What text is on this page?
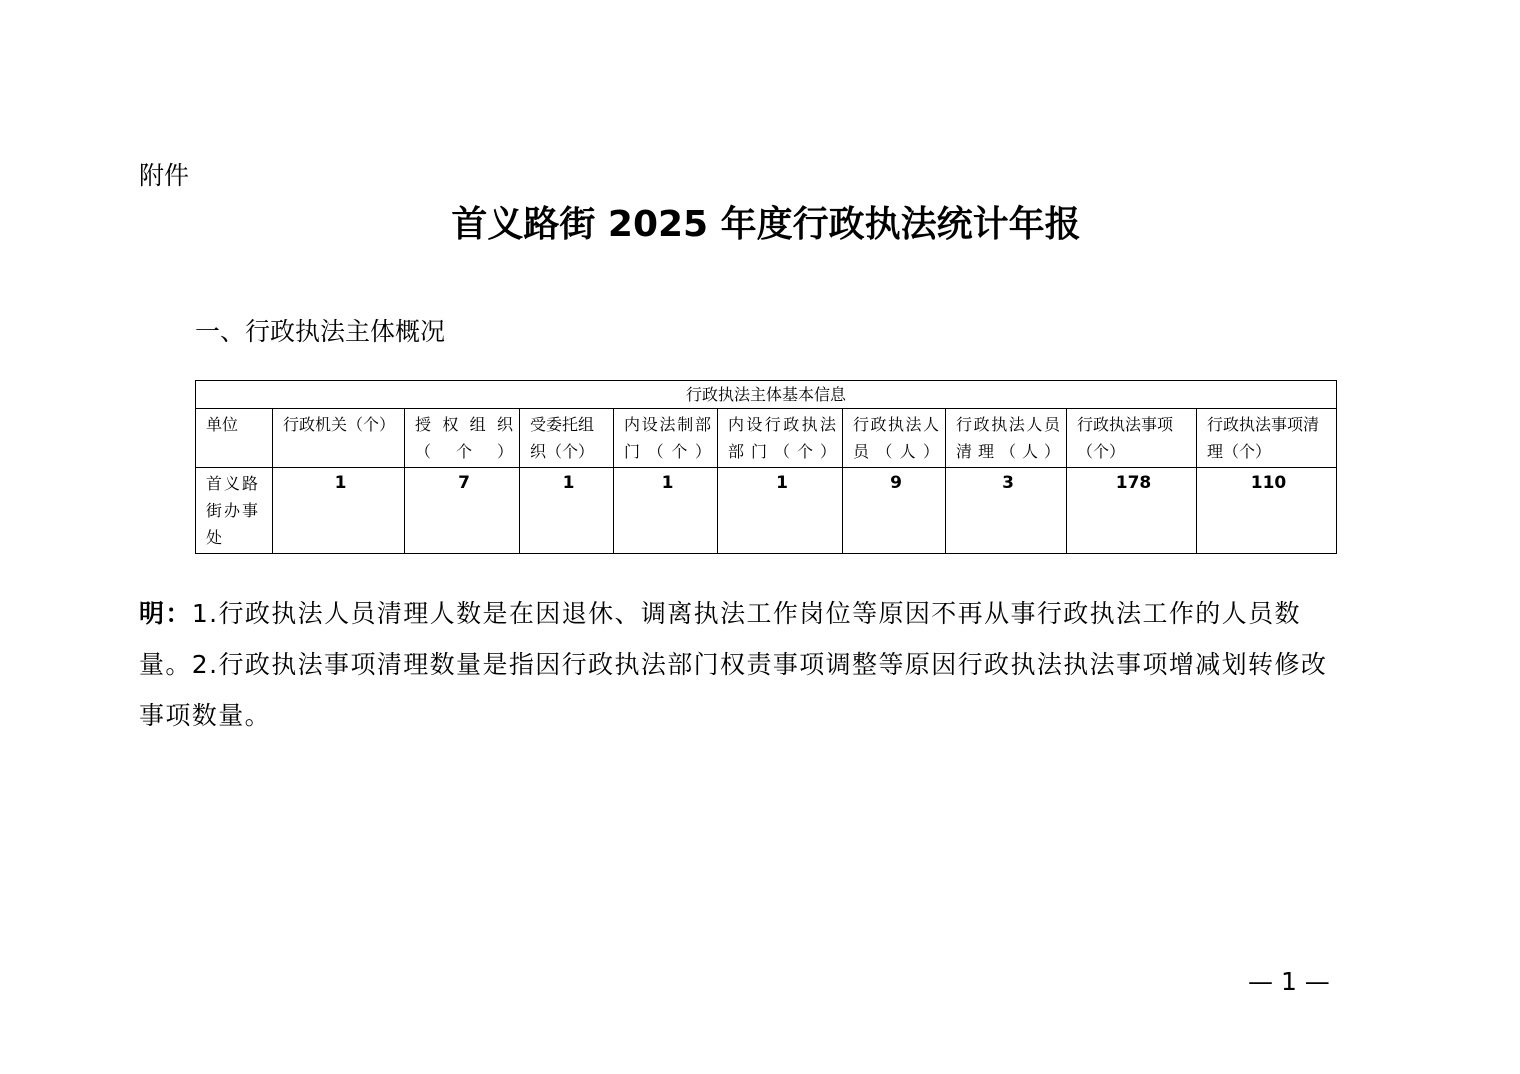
附件
首义路街 2025 年度行政执法统计年报
一、行政执法主体概况
行政执法主体基本信息									
单位	行政机关（个）	授权组织（个）	受委托组织（个）	内设法制部门（个）	内设行政执法部门（个）	行政执法人员（人）	行政执法人员清理（人）	行政执法事项（个）	行政执法事项清理（个）
首义路街办事处	1	7	1	1	1	9	3	178	110
明：1.行政执法人员清理人数是在因退休、调离执法工作岗位等原因不再从事行政执法工作的人员数量。2.行政执法事项清理数量是指因行政执法部门权责事项调整等原因行政执法执法事项增减划转修改事项数量。
— 1 —
